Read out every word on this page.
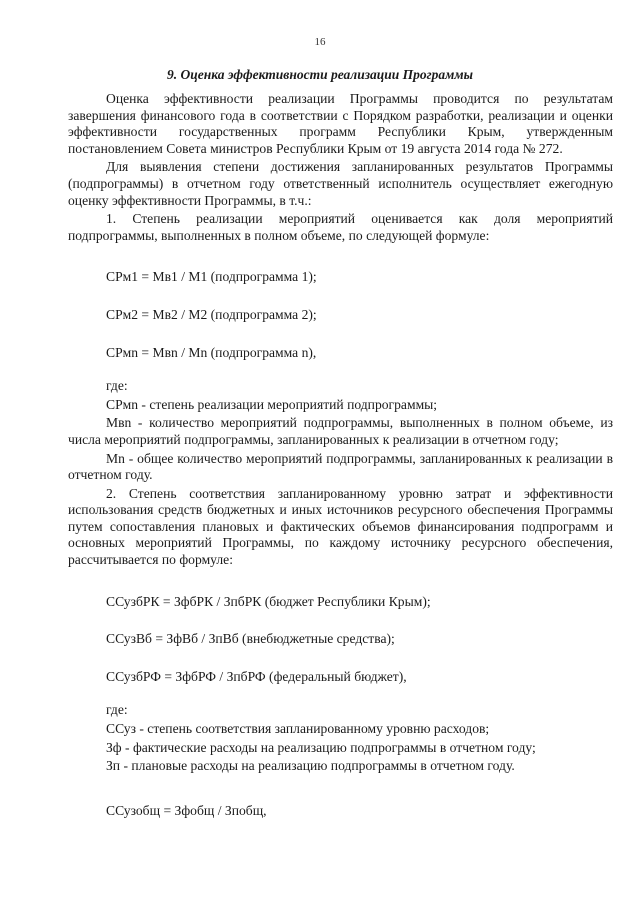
16
9. Оценка эффективности реализации Программы

Оценка эффективности реализации Программы проводится по результатам завершения финансового года в соответствии с Порядком разработки, реализации и оценки эффективности государственных программ Республики Крым, утвержденным постановлением Совета министров Республики Крым от 19 августа 2014 года № 272.

Для выявления степени достижения запланированных результатов Программы (подпрограммы) в отчетном году ответственный исполнитель осуществляет ежегодную оценку эффективности Программы, в т.ч.:

1. Степень реализации мероприятий оценивается как доля мероприятий подпрограммы, выполненных в полном объеме, по следующей формуле:

СРм1 = Мв1 / М1 (подпрограмма 1);

СРм2 = Мв2 / М2 (подпрограмма 2);

СРмn = Мвn / Мn (подпрограмма n),

где:

СРмn - степень реализации мероприятий подпрограммы;

Мвn - количество мероприятий подпрограммы, выполненных в полном объеме, из числа мероприятий подпрограммы, запланированных к реализации в отчетном году;

Мn - общее количество мероприятий подпрограммы, запланированных к реализации в отчетном году.

2. Степень соответствия запланированному уровню затрат и эффективности использования средств бюджетных и иных источников ресурсного обеспечения Программы путем сопоставления плановых и фактических объемов финансирования подпрограмм и основных мероприятий Программы, по каждому источнику ресурсного обеспечения, рассчитывается по формуле:

ССузбРК = ЗфбРК / ЗпбРК (бюджет Республики Крым);

ССузВб = ЗфВб / ЗпВб (внебюджетные средства);

ССузбРФ = ЗфбРФ / ЗпбРФ (федеральный бюджет),

где:

ССуз - степень соответствия запланированному уровню расходов;

Зф - фактические расходы на реализацию подпрограммы в отчетном году;

Зп - плановые расходы на реализацию подпрограммы в отчетном году.

ССузобщ = Зфобщ / Зпобщ,
